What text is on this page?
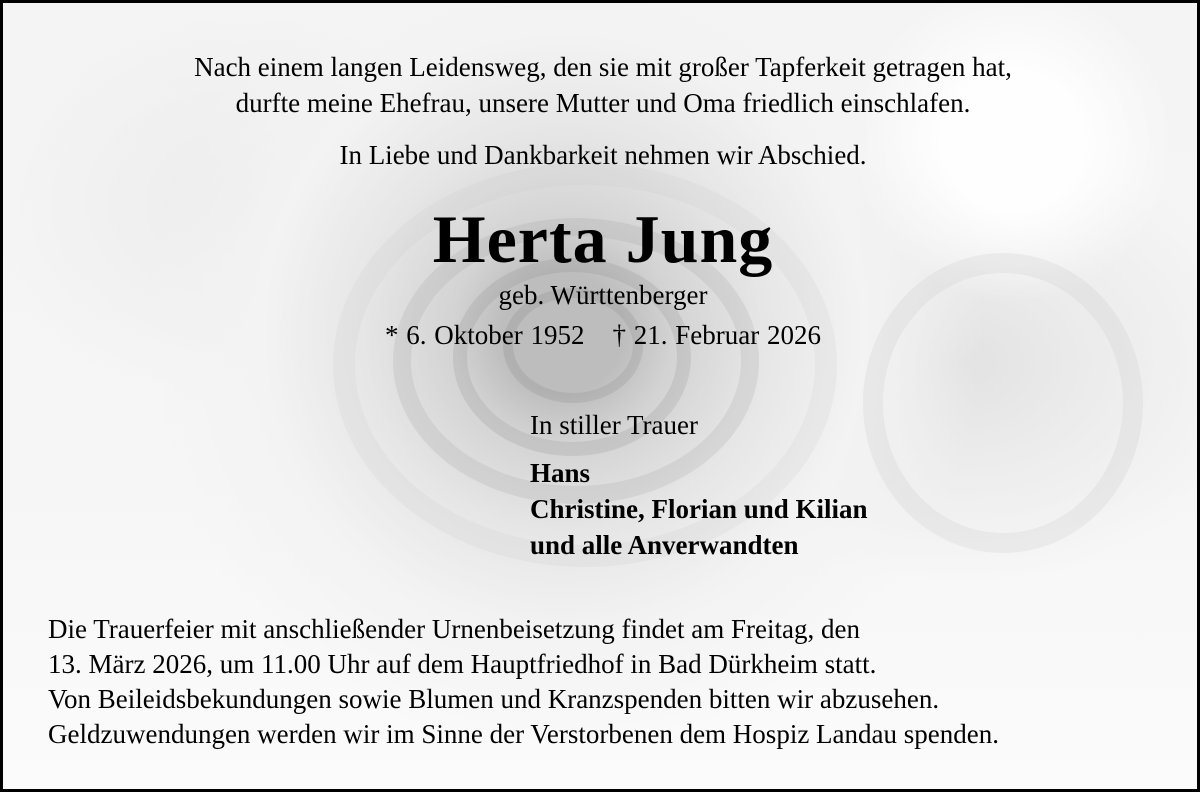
Nach einem langen Leidensweg, den sie mit großer Tapferkeit getragen hat,

durfte meine Ehefrau, unsere Mutter und Oma friedlich einschlafen.

In Liebe und Dankbarkeit nehmen wir Abschied.

Herta Jung

geb. Württenberger

* 6. Oktober 1952 † 21. Februar 2026

In stiller Trauer

Hans

Christine, Florian und Kilian

und alle Anverwandten

Die Trauerfeier mit anschließender Urnenbeisetzung findet am Freitag, den

13. März 2026, um 11.00 Uhr auf dem Hauptfriedhof in Bad Dürkheim statt.

Von Beileidsbekundungen sowie Blumen und Kranzspenden bitten wir abzusehen.

Geldzuwendungen werden wir im Sinne der Verstorbenen dem Hospiz Landau spenden.
